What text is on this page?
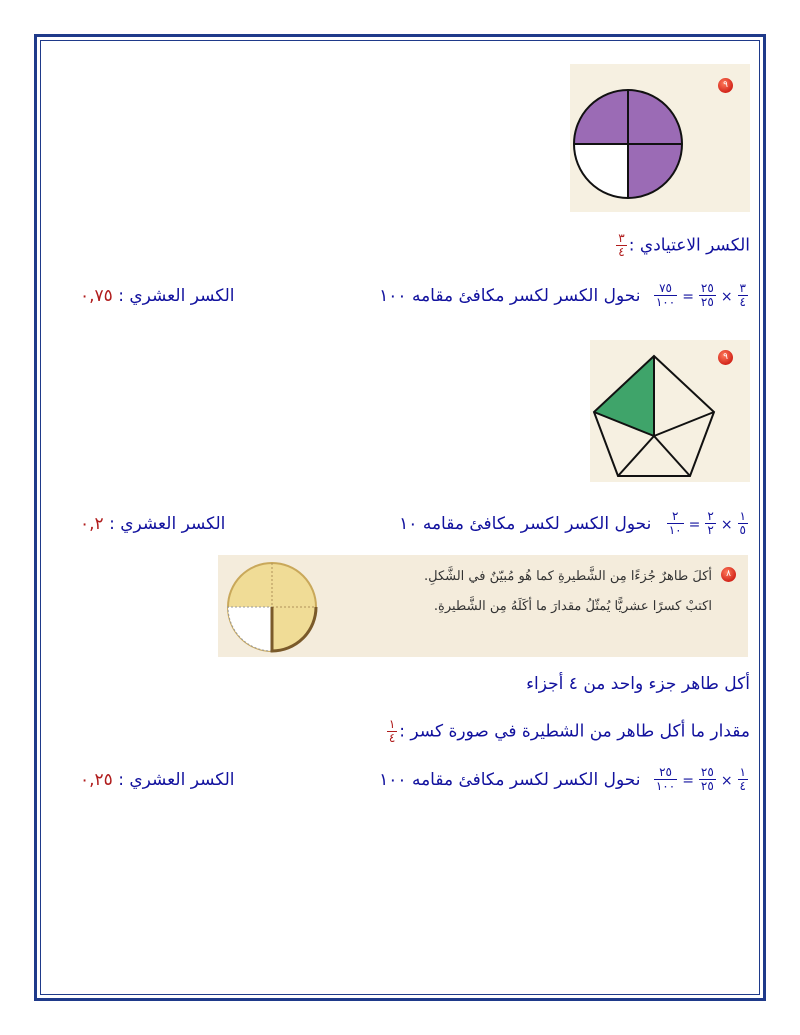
٩
الكسر الاعتيادي :
$\frac{٣}{٤}$
$\frac{٣}{٤}$
×
$\frac{٢٥}{٢٥}$
=
$\frac{٧٥}{١٠٠}$
نحول الكسر لكسر مكافئ مقامه ١٠٠
الكسر العشري : ٠,٧٥
٩
$\frac{١}{٥}$
×
$\frac{٢}{٢}$
=
$\frac{٢}{١٠}$
نحول الكسر لكسر مكافئ مقامه ١٠
الكسر العشري : ٠,٢
٨
أكلَ طاهرٌ جُزءًا مِن الشَّطيرةِ كما هُو مُبيّنٌ في الشَّكلِ.
اكتبْ كسرًا عشريًّا يُمثّلُ مقدارَ ما أكَلَهُ مِن الشَّطيرةِ.
أكل طاهر جزء واحد من ٤ أجزاء
مقدار ما أكل طاهر من الشطيرة في صورة كسر :
$\frac{١}{٤}$
$\frac{١}{٤}$
×
$\frac{٢٥}{٢٥}$
=
$\frac{٢٥}{١٠٠}$
نحول الكسر لكسر مكافئ مقامه ١٠٠
الكسر العشري : ٠,٢٥
